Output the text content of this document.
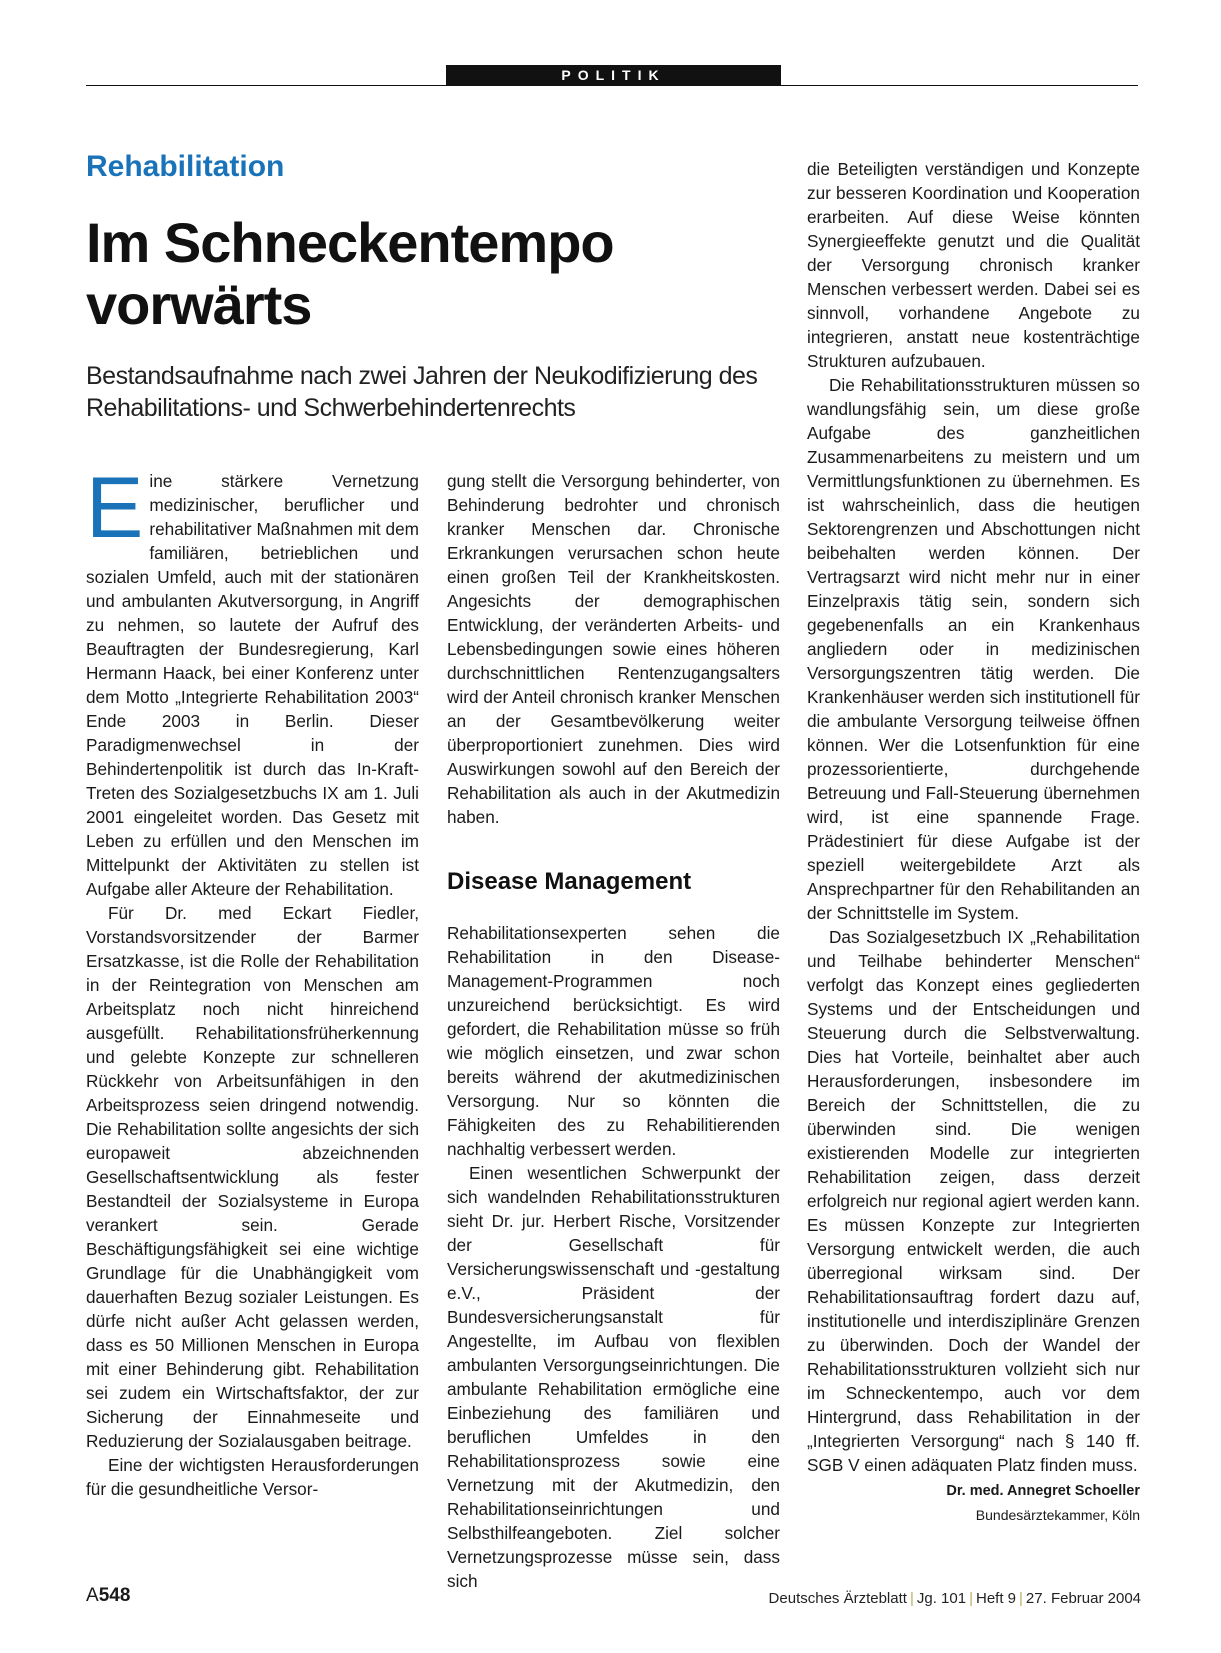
POLITIK
Rehabilitation
Im Schneckentempo vorwärts
Bestandsaufnahme nach zwei Jahren der Neukodifizierung des Rehabilitations- und Schwerbehindertenrechts

Eine stärkere Vernetzung medizinischer, beruflicher und rehabilitativer Maßnahmen mit dem familiären, betrieblichen und sozialen Umfeld, auch mit der stationären und ambulanten Akutversorgung, in Angriff zu nehmen, so lautete der Aufruf des Beauftragten der Bundesregierung, Karl Hermann Haack, bei einer Konferenz unter dem Motto „Integrierte Rehabilitation 2003“ Ende 2003 in Berlin. Dieser Paradigmenwechsel in der Behindertenpolitik ist durch das In-Kraft-Treten des Sozialgesetzbuchs IX am 1. Juli 2001 eingeleitet worden. Das Gesetz mit Leben zu erfüllen und den Menschen im Mittelpunkt der Aktivitäten zu stellen ist Aufgabe aller Akteure der Rehabilitation.

Für Dr. med Eckart Fiedler, Vorstandsvorsitzender der Barmer Ersatzkasse, ist die Rolle der Rehabilitation in der Reintegration von Menschen am Arbeitsplatz noch nicht hinreichend ausgefüllt. Rehabilitationsfrüherkennung und gelebte Konzepte zur schnelleren Rückkehr von Arbeitsunfähigen in den Arbeitsprozess seien dringend notwendig. Die Rehabilitation sollte angesichts der sich europaweit abzeichnenden Gesellschaftsentwicklung als fester Bestandteil der Sozialsysteme in Europa verankert sein. Gerade Beschäftigungsfähigkeit sei eine wichtige Grundlage für die Unabhängigkeit vom dauerhaften Bezug sozialer Leistungen. Es dürfe nicht außer Acht gelassen werden, dass es 50 Millionen Menschen in Europa mit einer Behinderung gibt. Rehabilitation sei zudem ein Wirtschaftsfaktor, der zur Sicherung der Einnahmeseite und Reduzierung der Sozialausgaben beitrage.

Eine der wichtigsten Herausforderungen für die gesundheitliche Versor-

gung stellt die Versorgung behinderter, von Behinderung bedrohter und chronisch kranker Menschen dar. Chronische Erkrankungen verursachen schon heute einen großen Teil der Krankheitskosten. Angesichts der demographischen Entwicklung, der veränderten Arbeits- und Lebensbedingungen sowie eines höheren durchschnittlichen Rentenzugangsalters wird der Anteil chronisch kranker Menschen an der Gesamtbevölkerung weiter überproportioniert zunehmen. Dies wird Auswirkungen sowohl auf den Bereich der Rehabilitation als auch in der Akutmedizin haben.

Disease Management

Rehabilitationsexperten sehen die Rehabilitation in den Disease-Management-Programmen noch unzureichend berücksichtigt. Es wird gefordert, die Rehabilitation müsse so früh wie möglich einsetzen, und zwar schon bereits während der akutmedizinischen Versorgung. Nur so könnten die Fähigkeiten des zu Rehabilitierenden nachhaltig verbessert werden.

Einen wesentlichen Schwerpunkt der sich wandelnden Rehabilitationsstrukturen sieht Dr. jur. Herbert Rische, Vorsitzender der Gesellschaft für Versicherungswissenschaft und -gestaltung e.V., Präsident der Bundesversicherungsanstalt für Angestellte, im Aufbau von flexiblen ambulanten Versorgungseinrichtungen. Die ambulante Rehabilitation ermögliche eine Einbeziehung des familiären und beruflichen Umfeldes in den Rehabilitationsprozess sowie eine Vernetzung mit der Akutmedizin, den Rehabilitationseinrichtungen und Selbsthilfeangeboten. Ziel solcher Vernetzungsprozesse müsse sein, dass sich

die Beteiligten verständigen und Konzepte zur besseren Koordination und Kooperation erarbeiten. Auf diese Weise könnten Synergieeffekte genutzt und die Qualität der Versorgung chronisch kranker Menschen verbessert werden. Dabei sei es sinnvoll, vorhandene Angebote zu integrieren, anstatt neue kostenträchtige Strukturen aufzubauen.

Die Rehabilitationsstrukturen müssen so wandlungsfähig sein, um diese große Aufgabe des ganzheitlichen Zusammenarbeitens zu meistern und um Vermittlungsfunktionen zu übernehmen. Es ist wahrscheinlich, dass die heutigen Sektorengrenzen und Abschottungen nicht beibehalten werden können. Der Vertragsarzt wird nicht mehr nur in einer Einzelpraxis tätig sein, sondern sich gegebenenfalls an ein Krankenhaus angliedern oder in medizinischen Versorgungszentren tätig werden. Die Krankenhäuser werden sich institutionell für die ambulante Versorgung teilweise öffnen können. Wer die Lotsenfunktion für eine prozessorientierte, durchgehende Betreuung und Fall-Steuerung übernehmen wird, ist eine spannende Frage. Prädestiniert für diese Aufgabe ist der speziell weitergebildete Arzt als Ansprechpartner für den Rehabilitanden an der Schnittstelle im System.

Das Sozialgesetzbuch IX „Rehabilitation und Teilhabe behinderter Menschen“ verfolgt das Konzept eines gegliederten Systems und der Entscheidungen und Steuerung durch die Selbstverwaltung. Dies hat Vorteile, beinhaltet aber auch Herausforderungen, insbesondere im Bereich der Schnittstellen, die zu überwinden sind. Die wenigen existierenden Modelle zur integrierten Rehabilitation zeigen, dass derzeit erfolgreich nur regional agiert werden kann. Es müssen Konzepte zur Integrierten Versorgung entwickelt werden, die auch überregional wirksam sind. Der Rehabilitationsauftrag fordert dazu auf, institutionelle und interdisziplinäre Grenzen zu überwinden. Doch der Wandel der Rehabilitationsstrukturen vollzieht sich nur im Schneckentempo, auch vor dem Hintergrund, dass Rehabilitation in der „Integrierten Versorgung“ nach § 140 ff. SGB V einen adäquaten Platz finden muss.
Dr. med. Annegret Schoeller

Bundesärztekammer, Köln
A548	Deutsches Ärzteblatt | Jg. 101 | Heft 9 | 27. Februar 2004
